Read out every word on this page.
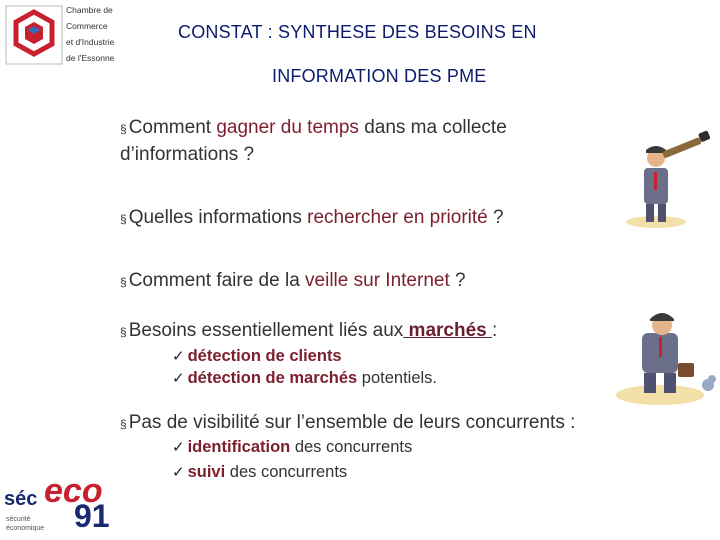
Chambre de
Commerce
et d'Industrie
de l'Essonne
CONSTAT : SYNTHESE DES BESOINS EN
INFORMATION DES PME
§ Comment gagner du temps dans ma collecte
d’informations ?
§ Quelles informations rechercher en priorité ?
§ Comment faire de la veille sur Internet ?
§ Besoins essentiellement liés aux marchés :
✓ détection de clients
✓ détection de marchés potentiels.
§ Pas de visibilité sur l’ensemble de leurs concurrents :
✓ identification des concurrents
✓ suivi des concurrents
séc eco
91
sécurité
économique
